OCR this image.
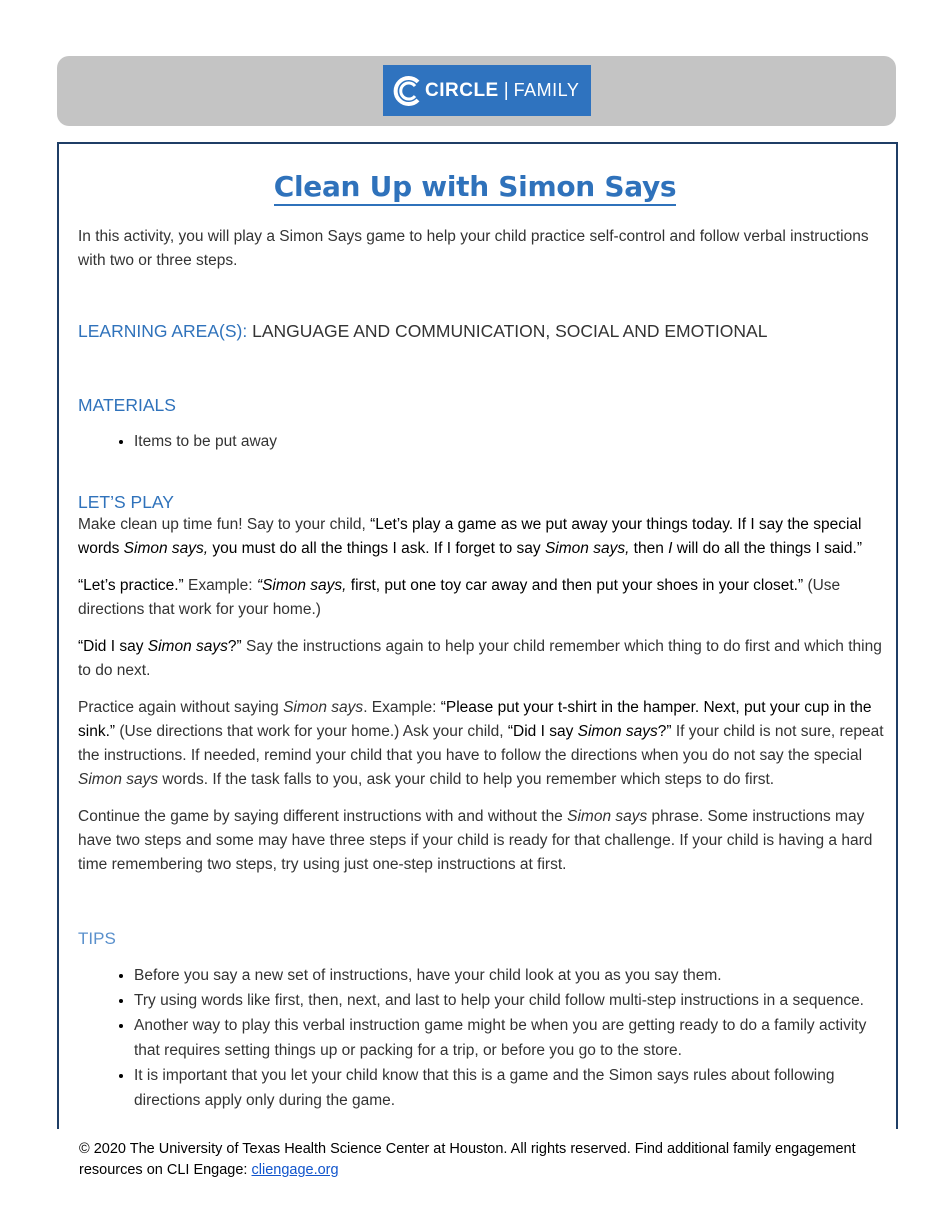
CIRCLE | FAMILY
Clean Up with Simon Says

In this activity, you will play a Simon Says game to help your child practice self-control and follow verbal instructions with two or three steps.

LEARNING AREA(S): LANGUAGE AND COMMUNICATION, SOCIAL AND EMOTIONAL

MATERIALS

• Items to be put away

LET’S PLAY

Make clean up time fun! Say to your child, “Let’s play a game as we put away your things today. If I say the special words Simon says, you must do all the things I ask. If I forget to say Simon says, then I will do all the things I said.”

“Let’s practice.” Example: “Simon says, first, put one toy car away and then put your shoes in your closet.” (Use directions that work for your home.)

“Did I say Simon says?” Say the instructions again to help your child remember which thing to do first and which thing to do next.

Practice again without saying Simon says. Example: “Please put your t-shirt in the hamper. Next, put your cup in the sink.” (Use directions that work for your home.) Ask your child, “Did I say Simon says?” If your child is not sure, repeat the instructions. If needed, remind your child that you have to follow the directions when you do not say the special Simon says words. If the task falls to you, ask your child to help you remember which steps to do first.

Continue the game by saying different instructions with and without the Simon says phrase. Some instructions may have two steps and some may have three steps if your child is ready for that challenge. If your child is having a hard time remembering two steps, try using just one-step instructions at first.

TIPS

• Before you say a new set of instructions, have your child look at you as you say them.
• Try using words like first, then, next, and last to help your child follow multi-step instructions in a sequence.
• Another way to play this verbal instruction game might be when you are getting ready to do a family activity that requires setting things up or packing for a trip, or before you go to the store.
• It is important that you let your child know that this is a game and the Simon says rules about following directions apply only during the game.
© 2020 The University of Texas Health Science Center at Houston. All rights reserved. Find additional family engagement resources on CLI Engage: cliengage.org
